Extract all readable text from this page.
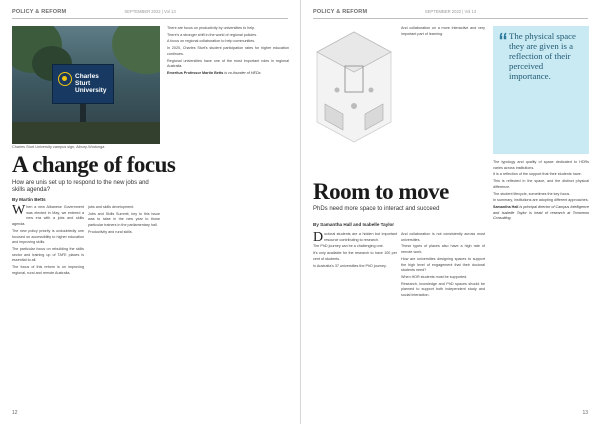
POLICY & REFORM	SEPTEMBER 2022 | Vol 13
Charles Sturt University
Charles Sturt University campus sign, Albury-Wodonga
A change of focus
How are unis set up to respond to the new jobs and skills agenda?
By Martin Betts

When a new Albanese Government was elected in May, we entered a new era with a jobs and skills agenda.

The new policy priority is undoubtedly one focused on accessibility to higher education and improving skills.

The particular focus on rebuilding the skills sector and training up of TAFE places is essential to all.

The focus of this reform is on improving regional, rural and remote Australia.

jobs and skills development.

Jobs and Skills Summit, key to this issue was to raise in the new year to those particular trainers in the parliamentary hall.

Productivity and rural skills.

There are focus on productivity by universities to help.

There's a stronger shift in the world of regional policies.

A focus on regional collaboration to help communities.

In 2020, Charles Sturt's student participation rates for higher education continues.

Regional universities have one of the most important roles in regional Australia.

Emeritus Professor Martin Betts is co-founder of HEDx.

12
POLICY & REFORM	SEPTEMBER 2022 | Vol 13

And collaboration on a more interactive and very important part of learning.	The physical space they are given is a reflection of their perceived importance.
Room to move
PhDs need more space to interact and succeed
By Samantha Hall and Isabelle Taylor

Doctoral students are a hidden but important resource contributing to research.

The PhD journey can be a challenging one.

It's only available for the research to have 100 per cent of students.

In Australia's 37 universities the PhD journey.

And collaboration is not consistently across most universities.

These types of places also have a high rate of remote work.

How are universities designing spaces to support the high level of engagement that their doctoral students need?

When HDR students must be supported.

Research, knowledge and PhD spaces should be planned to support both independent study and social interaction.

The typology and quality of space dedicated to HDRs varies across institutions.

It is a reflection of the support that their students have.

This is reflected in the space, and the distinct physical difference.

The student lifecycle, sometimes the key focus.

In summary, institutions are adopting different approaches.

Samantha Hall is principal director of Campus Intelligence and Isabelle Taylor is head of research at Tomorrow Consulting.

13
